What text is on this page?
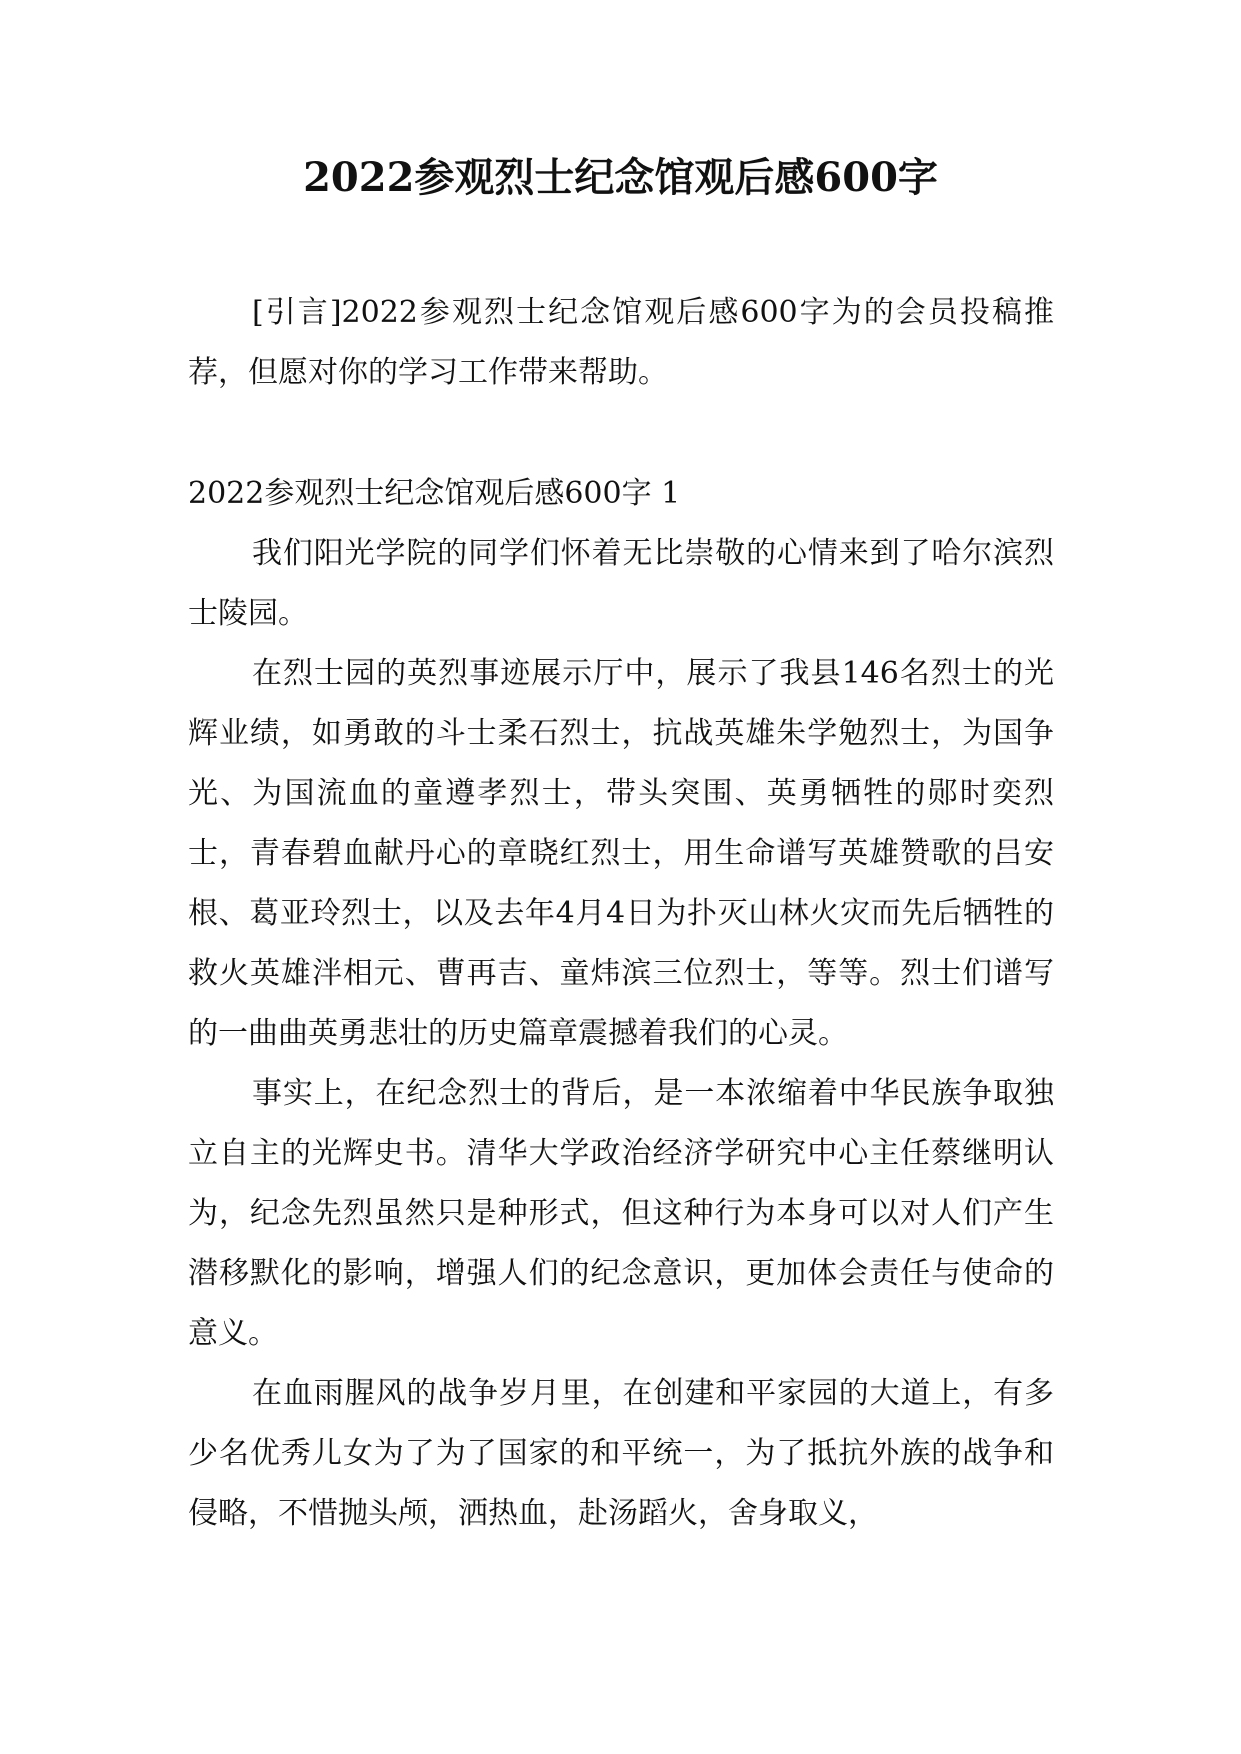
2022参观烈士纪念馆观后感600字

[引言]2022参观烈士纪念馆观后感600字为的会员投稿推荐，但愿对你的学习工作带来帮助。

2022参观烈士纪念馆观后感600字 1

我们阳光学院的同学们怀着无比崇敬的心情来到了哈尔滨烈士陵园。

在烈士园的英烈事迹展示厅中，展示了我县146名烈士的光辉业绩，如勇敢的斗士柔石烈士，抗战英雄朱学勉烈士，为国争光、为国流血的童遵孝烈士，带头突围、英勇牺牲的郧时奕烈士，青春碧血献丹心的章晓红烈士，用生命谱写英雄赞歌的吕安根、葛亚玲烈士，以及去年4月4日为扑灭山林火灾而先后牺牲的救火英雄泮相元、曹再吉、童炜滨三位烈士，等等。烈士们谱写的一曲曲英勇悲壮的历史篇章震撼着我们的心灵。

事实上，在纪念烈士的背后，是一本浓缩着中华民族争取独立自主的光辉史书。清华大学政治经济学研究中心主任蔡继明认为，纪念先烈虽然只是种形式，但这种行为本身可以对人们产生潜移默化的影响，增强人们的纪念意识，更加体会责任与使命的意义。

在血雨腥风的战争岁月里，在创建和平家园的大道上，有多少名优秀儿女为了为了国家的和平统一，为了抵抗外族的战争和侵略，不惜抛头颅，洒热血，赴汤蹈火，舍身取义，
